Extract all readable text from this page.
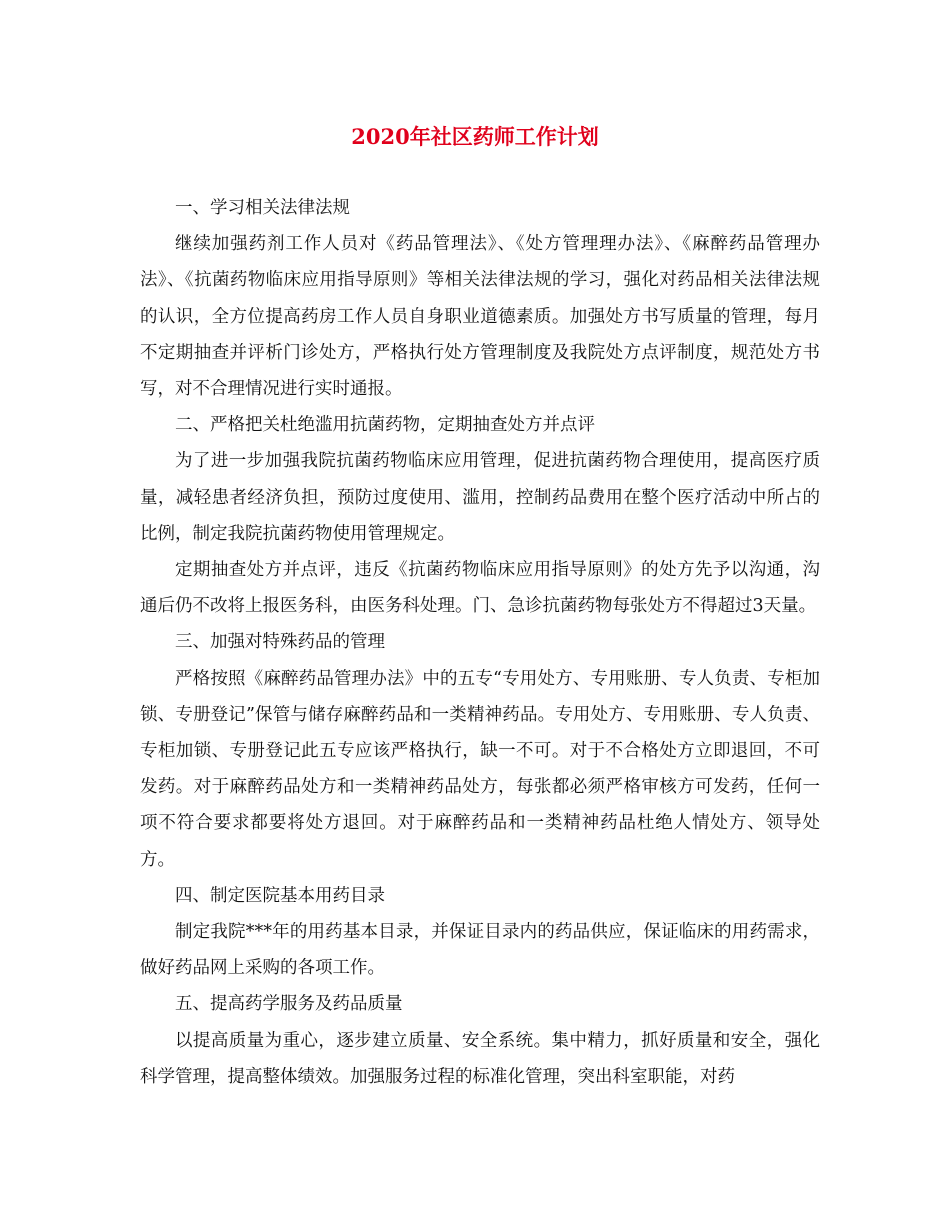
2020年社区药师工作计划

一、学习相关法律法规

继续加强药剂工作人员对《药品管理法》、《处方管理理办法》、《麻醉药品管理办法》、《抗菌药物临床应用指导原则》等相关法律法规的学习，强化对药品相关法律法规的认识，全方位提高药房工作人员自身职业道德素质。加强处方书写质量的管理，每月不定期抽查并评析门诊处方，严格执行处方管理制度及我院处方点评制度，规范处方书写，对不合理情况进行实时通报。

二、严格把关杜绝滥用抗菌药物，定期抽查处方并点评

为了进一步加强我院抗菌药物临床应用管理，促进抗菌药物合理使用，提高医疗质量，减轻患者经济负担，预防过度使用、滥用，控制药品费用在整个医疗活动中所占的比例，制定我院抗菌药物使用管理规定。

定期抽查处方并点评，违反《抗菌药物临床应用指导原则》的处方先予以沟通，沟通后仍不改将上报医务科，由医务科处理。门、急诊抗菌药物每张处方不得超过3天量。

三、加强对特殊药品的管理

严格按照《麻醉药品管理办法》中的五专“专用处方、专用账册、专人负责、专柜加锁、专册登记”保管与储存麻醉药品和一类精神药品。专用处方、专用账册、专人负责、专柜加锁、专册登记此五专应该严格执行，缺一不可。对于不合格处方立即退回，不可发药。对于麻醉药品处方和一类精神药品处方，每张都必须严格审核方可发药，任何一项不符合要求都要将处方退回。对于麻醉药品和一类精神药品杜绝人情处方、领导处方。

四、制定医院基本用药目录

制定我院***年的用药基本目录，并保证目录内的药品供应，保证临床的用药需求，做好药品网上采购的各项工作。

五、提高药学服务及药品质量

以提高质量为重心，逐步建立质量、安全系统。集中精力，抓好质量和安全，强化科学管理，提高整体绩效。加强服务过程的标准化管理，突出科室职能，对药
